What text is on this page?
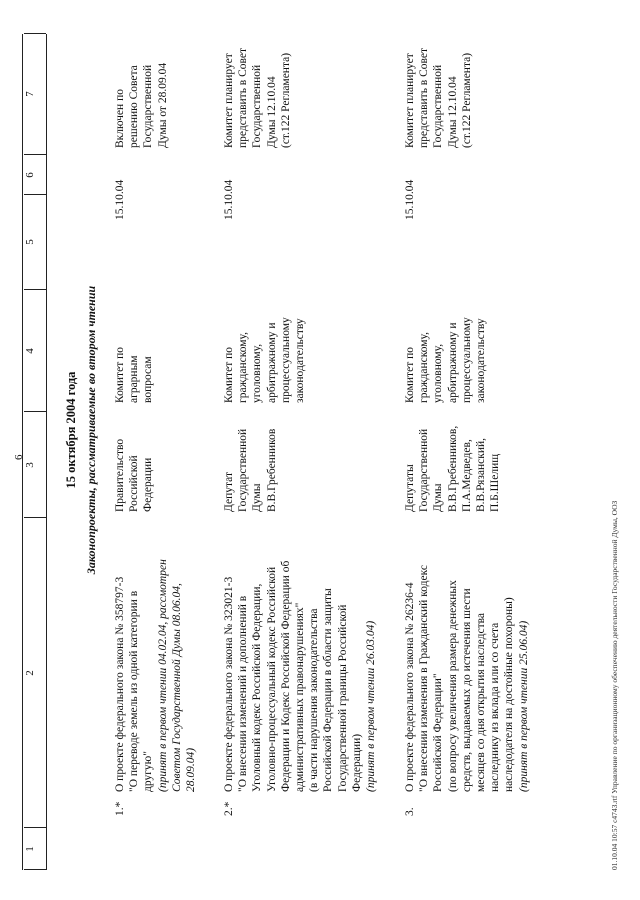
6
1
2
3
4
5
6
7
15 октября 2004 года Законопроекты, рассматриваемые во втором чтении
1.*
О проекте федерального закона № 358797-3 "О переводе земель из одной категории в другую" (принят в первом чтении 04.02.04, рассмотрен Советом Государственной Думы 08.06.04, 28.09.04)
Правительство Российской Федерации
Комитет по аграрным вопросам
15.10.04
Включен по решению Совета Государственной Думы от 28.09.04
2.*
О проекте федерального закона № 323021-3 "О внесении изменений и дополнений в Уголовный кодекс Российской Федерации, Уголовно-процессуальный кодекс Российской Федерации и Кодекс Российской Федерации об административных правонарушениях" (в части нарушения законодательства Российской Федерации в области защиты Государственной границы Российской Федерации) (принят в первом чтении 26.03.04)
Депутат Государственной Думы В.В.Гребенников
Комитет по гражданскому, уголовному, арбитражному и процессуальному законодательству
15.10.04
Комитет планирует представить в Совет Государственной Думы 12.10.04 (ст.122 Регламента)
3.
О проекте федерального закона № 26236-4 "О внесении изменения в Гражданский кодекс Российской Федерации" (по вопросу увеличения размера денежных средств, выдаваемых до истечения шести месяцев со дня открытия наследства наследнику из вклада или со счета наследодателя на достойные похороны) (принят в первом чтении 25.06.04)
Депутаты Государственной Думы В.В.Гребенников, П.А.Медведев, В.В.Рязанский, П.Б.Шелищ
Комитет по гражданскому, уголовному, арбитражному и процессуальному законодательству
15.10.04
Комитет планирует представить в Совет Государственной Думы 12.10.04 (ст.122 Регламента)
01.10.04 10:57 c4743.rtf Управление по организационному обеспечению деятельности Государственной Думы, ООЗ
